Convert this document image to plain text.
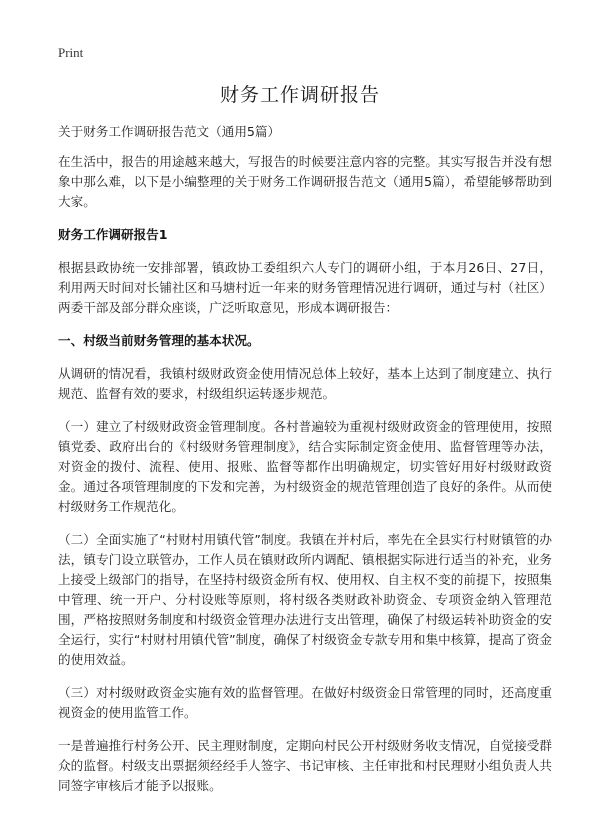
Print
财务工作调研报告

关于财务工作调研报告范文（通用5篇）

在生活中，报告的用途越来越大，写报告的时候要注意内容的完整。其实写报告并没有想象中那么难，以下是小编整理的关于财务工作调研报告范文（通用5篇），希望能够帮助到大家。

财务工作调研报告1

根据县政协统一安排部署，镇政协工委组织六人专门的调研小组，于本月26日、27日，利用两天时间对长铺社区和马塘村近一年来的财务管理情况进行调研，通过与村（社区）两委干部及部分群众座谈，广泛听取意见，形成本调研报告：

一、村级当前财务管理的基本状况。

从调研的情况看，我镇村级财政资金使用情况总体上较好，基本上达到了制度建立、执行规范、监督有效的要求，村级组织运转逐步规范。

（一）建立了村级财政资金管理制度。各村普遍较为重视村级财政资金的管理使用，按照镇党委、政府出台的《村级财务管理制度》，结合实际制定资金使用、监督管理等办法，对资金的拨付、流程、使用、报账、监督等都作出明确规定，切实管好用好村级财政资金。通过各项管理制度的下发和完善，为村级资金的规范管理创造了良好的条件。从而使村级财务工作规范化。

（二）全面实施了“村财村用镇代管”制度。我镇在并村后，率先在全县实行村财镇管的办法，镇专门设立联管办，工作人员在镇财政所内调配、镇根据实际进行适当的补充，业务上接受上级部门的指导，在坚持村级资金所有权、使用权、自主权不变的前提下，按照集中管理、统一开户、分村设账等原则，将村级各类财政补助资金、专项资金纳入管理范围，严格按照财务制度和村级资金管理办法进行支出管理，确保了村级运转补助资金的安全运行，实行“村财村用镇代管”制度，确保了村级资金专款专用和集中核算，提高了资金的使用效益。

（三）对村级财政资金实施有效的监督管理。在做好村级资金日常管理的同时，还高度重视资金的使用监管工作。

一是普遍推行村务公开、民主理财制度，定期向村民公开村级财务收支情况，自觉接受群众的监督。村级支出票据须经经手人签字、书记审核、主任审批和村民理财小组负责人共同签字审核后才能予以报账。
